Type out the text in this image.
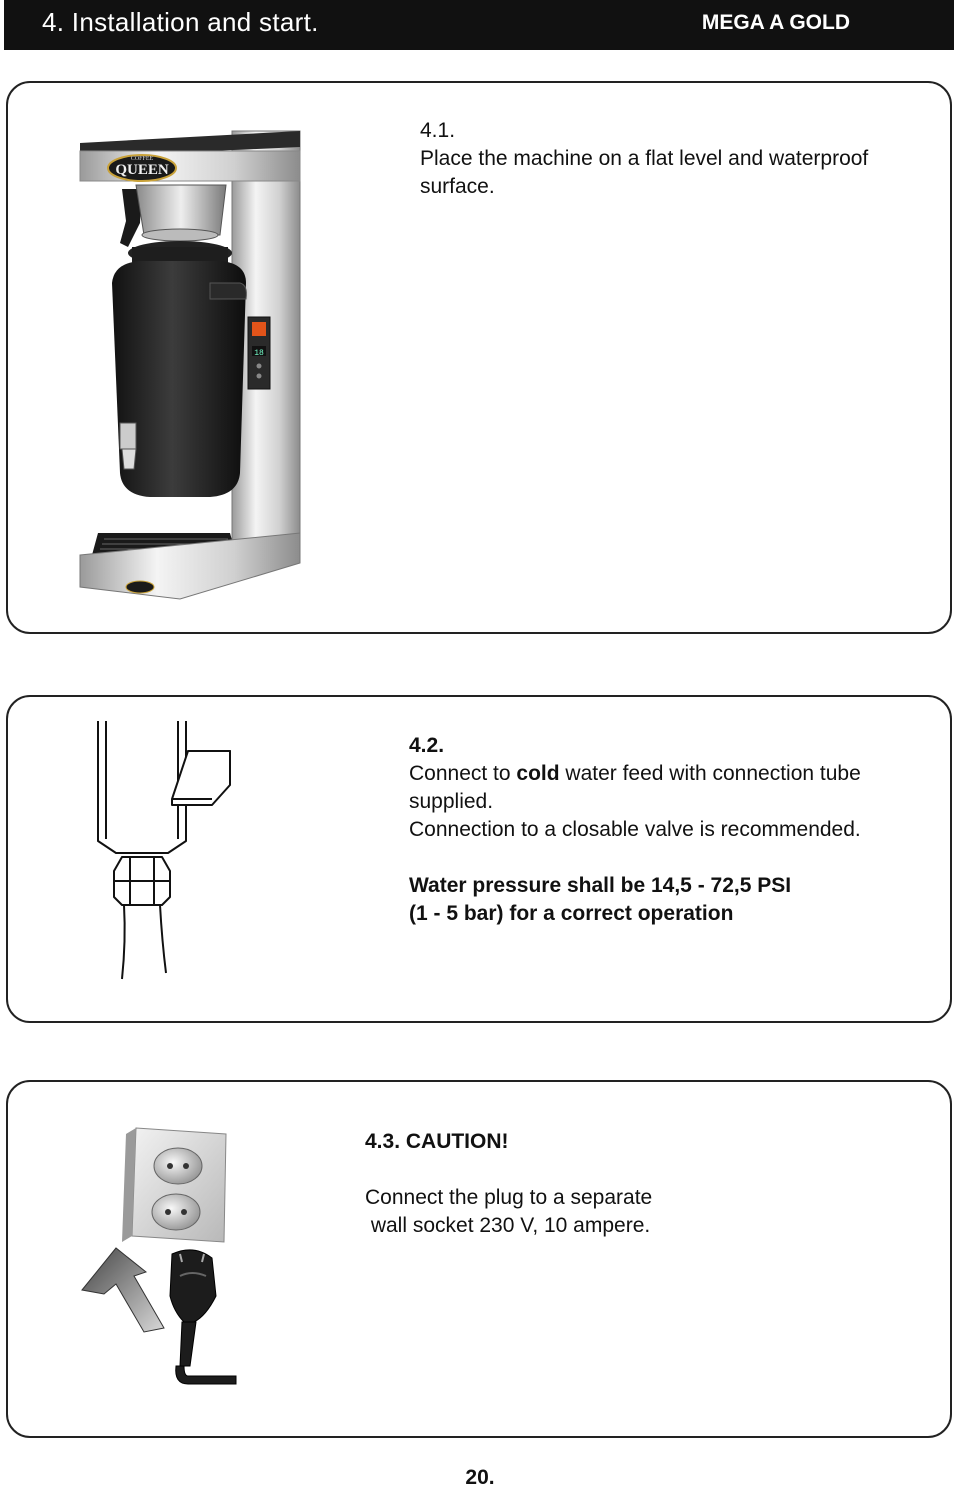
4. Installation and start.	MEGA A GOLD
COFFEE
QUEEN
18

4.1.

Place the machine on a flat level and waterproof

surface.

4.2.

Connect to cold water feed with connection tube

supplied.

Connection to a closable valve is recommended.

Water pressure shall be 14,5 - 72,5 PSI

(1 - 5 bar) for a correct operation

4.3. CAUTION!

Connect the plug to a separate

wall socket 230 V, 10 ampere.

20.
